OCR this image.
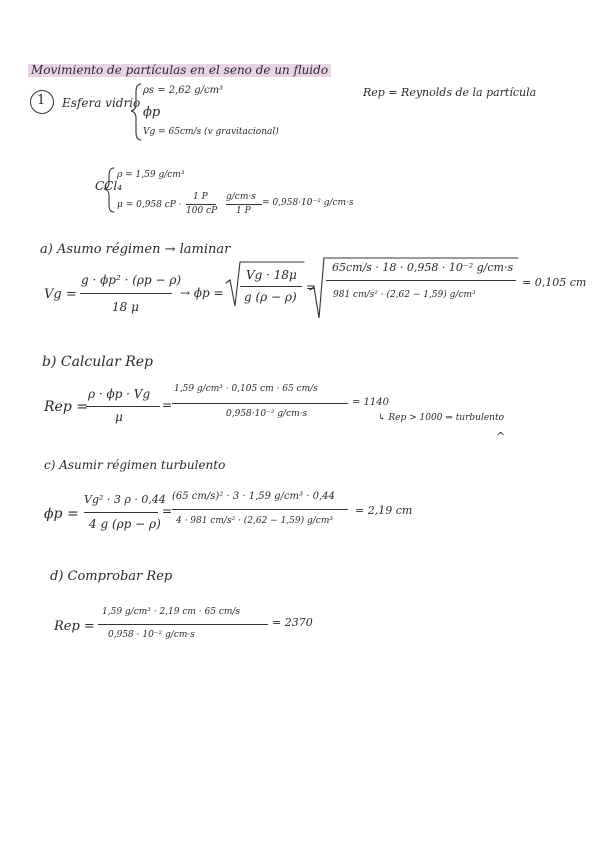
Movimiento de partículas en el seno de un fluido
1 Esfera vidrio
ρs = 2,62 g/cm³
ϕp
Vg = 65cm/s (v gravitacional)
Rep = Reynolds de la partícula
CCl₄
ρ = 1,59 g/cm³
μ = 0,958 cP ·
1 P
100 cP
g/cm·s
1 P
= 0,958·10⁻² g/cm·s
a) Asumo régimen → laminar
Vg =
g · ϕp² · (ρp − ρ)
18 μ
→ ϕp =
Vg · 18μ
g (ρ − ρ)
=
65cm/s · 18 · 0,958 · 10⁻² g/cm·s
981 cm/s² · (2,62 − 1,59) g/cm³
= 0,105 cm
b) Calcular Rep
Rep =
ρ · ϕp · Vg
μ
=
1,59 g/cm³ · 0,105 cm · 65 cm/s
0,958·10⁻² g/cm·s
= 1140
↳ Rep > 1000 ⇒ turbulento
^
c) Asumir régimen turbulento
ϕp =
Vg² · 3 ρ · 0,44
4 g (ρp − ρ)
=
(65 cm/s)² · 3 · 1,59 g/cm³ · 0,44
4 · 981 cm/s² · (2,62 − 1,59) g/cm³
= 2,19 cm
d) Comprobar Rep
Rep =
1,59 g/cm³ · 2,19 cm · 65 cm/s
0,958 · 10⁻² g/cm·s
= 2370
